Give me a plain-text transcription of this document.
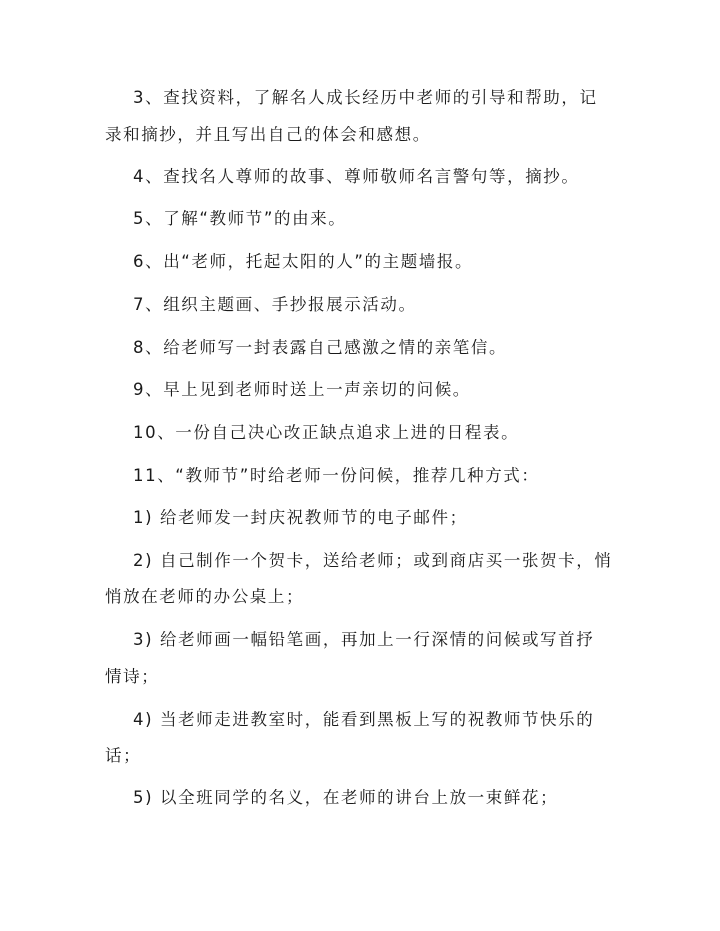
3、查找资料，了解名人成长经历中老师的引导和帮助，记
录和摘抄，并且写出自己的体会和感想。
4、查找名人尊师的故事、尊师敬师名言警句等，摘抄。
5、了解“教师节”的由来。
6、出“老师，托起太阳的人”的主题墙报。
7、组织主题画、手抄报展示活动。
8、给老师写一封表露自己感激之情的亲笔信。
9、早上见到老师时送上一声亲切的问候。
10、一份自己决心改正缺点追求上进的日程表。
11、“教师节”时给老师一份问候，推荐几种方式：
1) 给老师发一封庆祝教师节的电子邮件；
2) 自己制作一个贺卡，送给老师；或到商店买一张贺卡，悄
悄放在老师的办公桌上；
3) 给老师画一幅铅笔画，再加上一行深情的问候或写首抒
情诗；
4) 当老师走进教室时，能看到黑板上写的祝教师节快乐的
话；
5) 以全班同学的名义，在老师的讲台上放一束鲜花；
